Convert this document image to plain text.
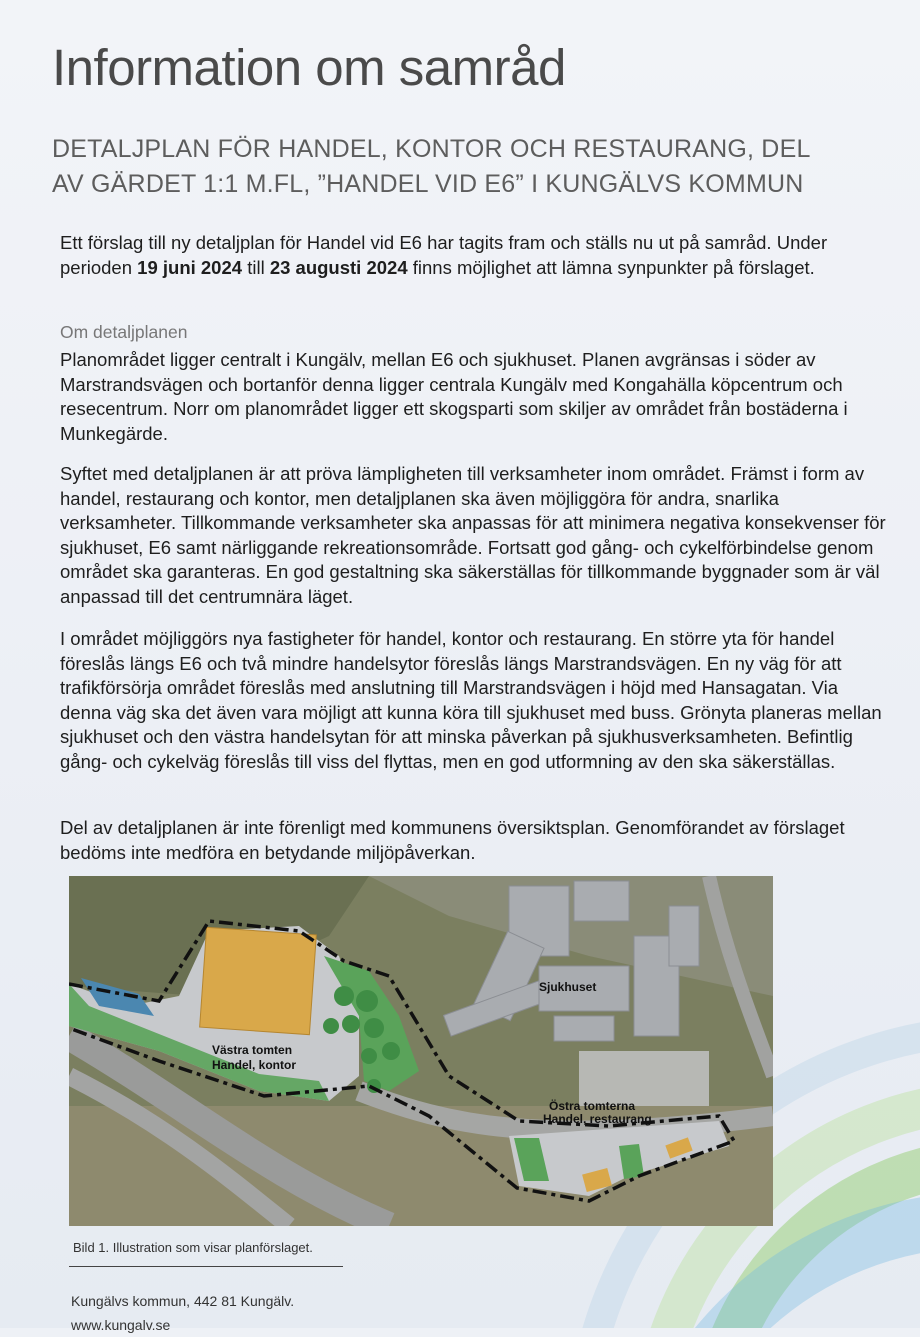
Information om samråd
DETALJPLAN FÖR HANDEL, KONTOR OCH RESTAURANG, DEL
AV GÄRDET 1:1 M.FL, ”HANDEL VID E6” I KUNGÄLVS KOMMUN

Ett förslag till ny detaljplan för Handel vid E6 har tagits fram och ställs nu ut på samråd. Under perioden 19 juni 2024 till 23 augusti 2024 finns möjlighet att lämna synpunkter på förslaget.

Om detaljplanen

Planområdet ligger centralt i Kungälv, mellan E6 och sjukhuset. Planen avgränsas i söder av Marstrandsvägen och bortanför denna ligger centrala Kungälv med Kongahälla köpcentrum och resecentrum. Norr om planområdet ligger ett skogsparti som skiljer av området från bostäderna i Munkegärde.

Syftet med detaljplanen är att pröva lämpligheten till verksamheter inom området. Främst i form av handel, restaurang och kontor, men detaljplanen ska även möjliggöra för andra, snarlika verksamheter. Tillkommande verksamheter ska anpassas för att minimera negativa konsekvenser för sjukhuset, E6 samt närliggande rekreationsområde. Fortsatt god gång- och cykelförbindelse genom området ska garanteras. En god gestaltning ska säkerställas för tillkommande byggnader som är väl anpassad till det centrumnära läget.

I området möjliggörs nya fastigheter för handel, kontor och restaurang. En större yta för handel föreslås längs E6 och två mindre handelsytor föreslås längs Marstrandsvägen. En ny väg för att trafikförsörja området föreslås med anslutning till Marstrandsvägen i höjd med Hansagatan. Via denna väg ska det även vara möjligt att kunna köra till sjukhuset med buss. Grönyta planeras mellan sjukhuset och den västra handelsytan för att minska påverkan på sjukhusverksamheten. Befintlig gång- och cykelväg föreslås till viss del flyttas, men en god utformning av den ska säkerställas.

Del av detaljplanen är inte förenligt med kommunens översiktsplan. Genomförandet av förslaget bedöms inte medföra en betydande miljöpåverkan.

Sjukhuset
Västra tomten
Handel, kontor
Östra tomterna
Handel, restaurang

Bild 1. Illustration som visar planförslaget.

Kungälvs kommun, 442 81 Kungälv.
www.kungalv.se
